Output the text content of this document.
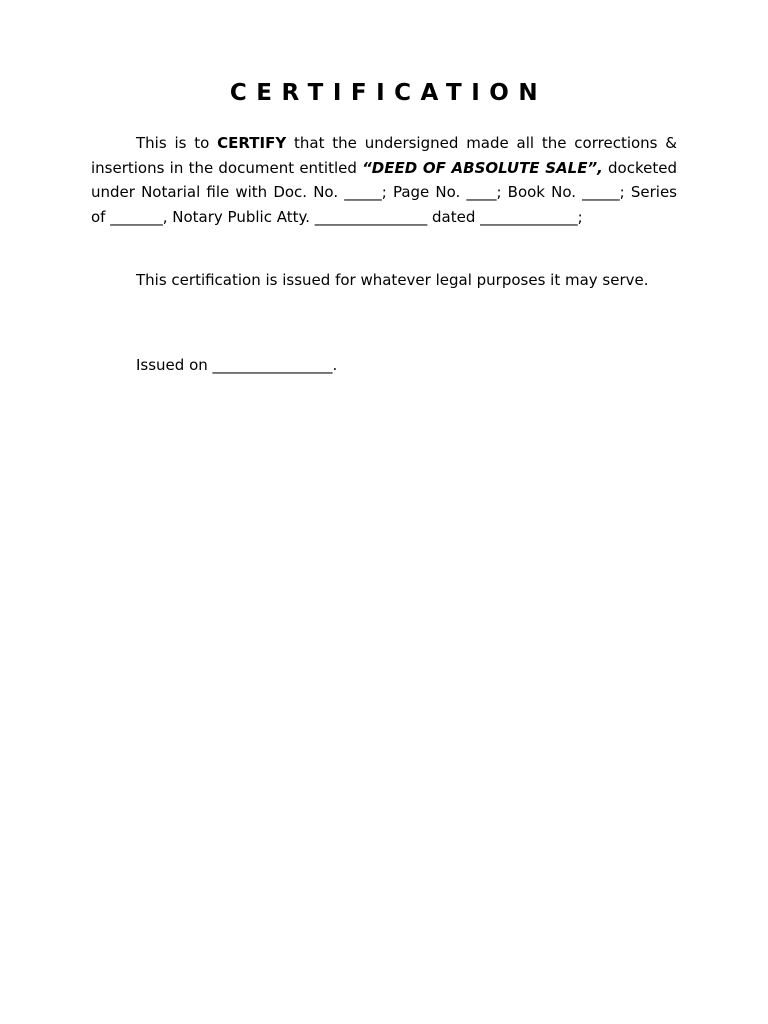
CERTIFICATION

This is to CERTIFY that the undersigned made all the corrections & insertions in the document entitled “DEED OF ABSOLUTE SALE”, docketed under Notarial file with Doc. No. _____; Page No. ____; Book No. _____; Series of _______, Notary Public Atty. _______________ dated _____________;

This certification is issued for whatever legal purposes it may serve.

Issued on ________________.
